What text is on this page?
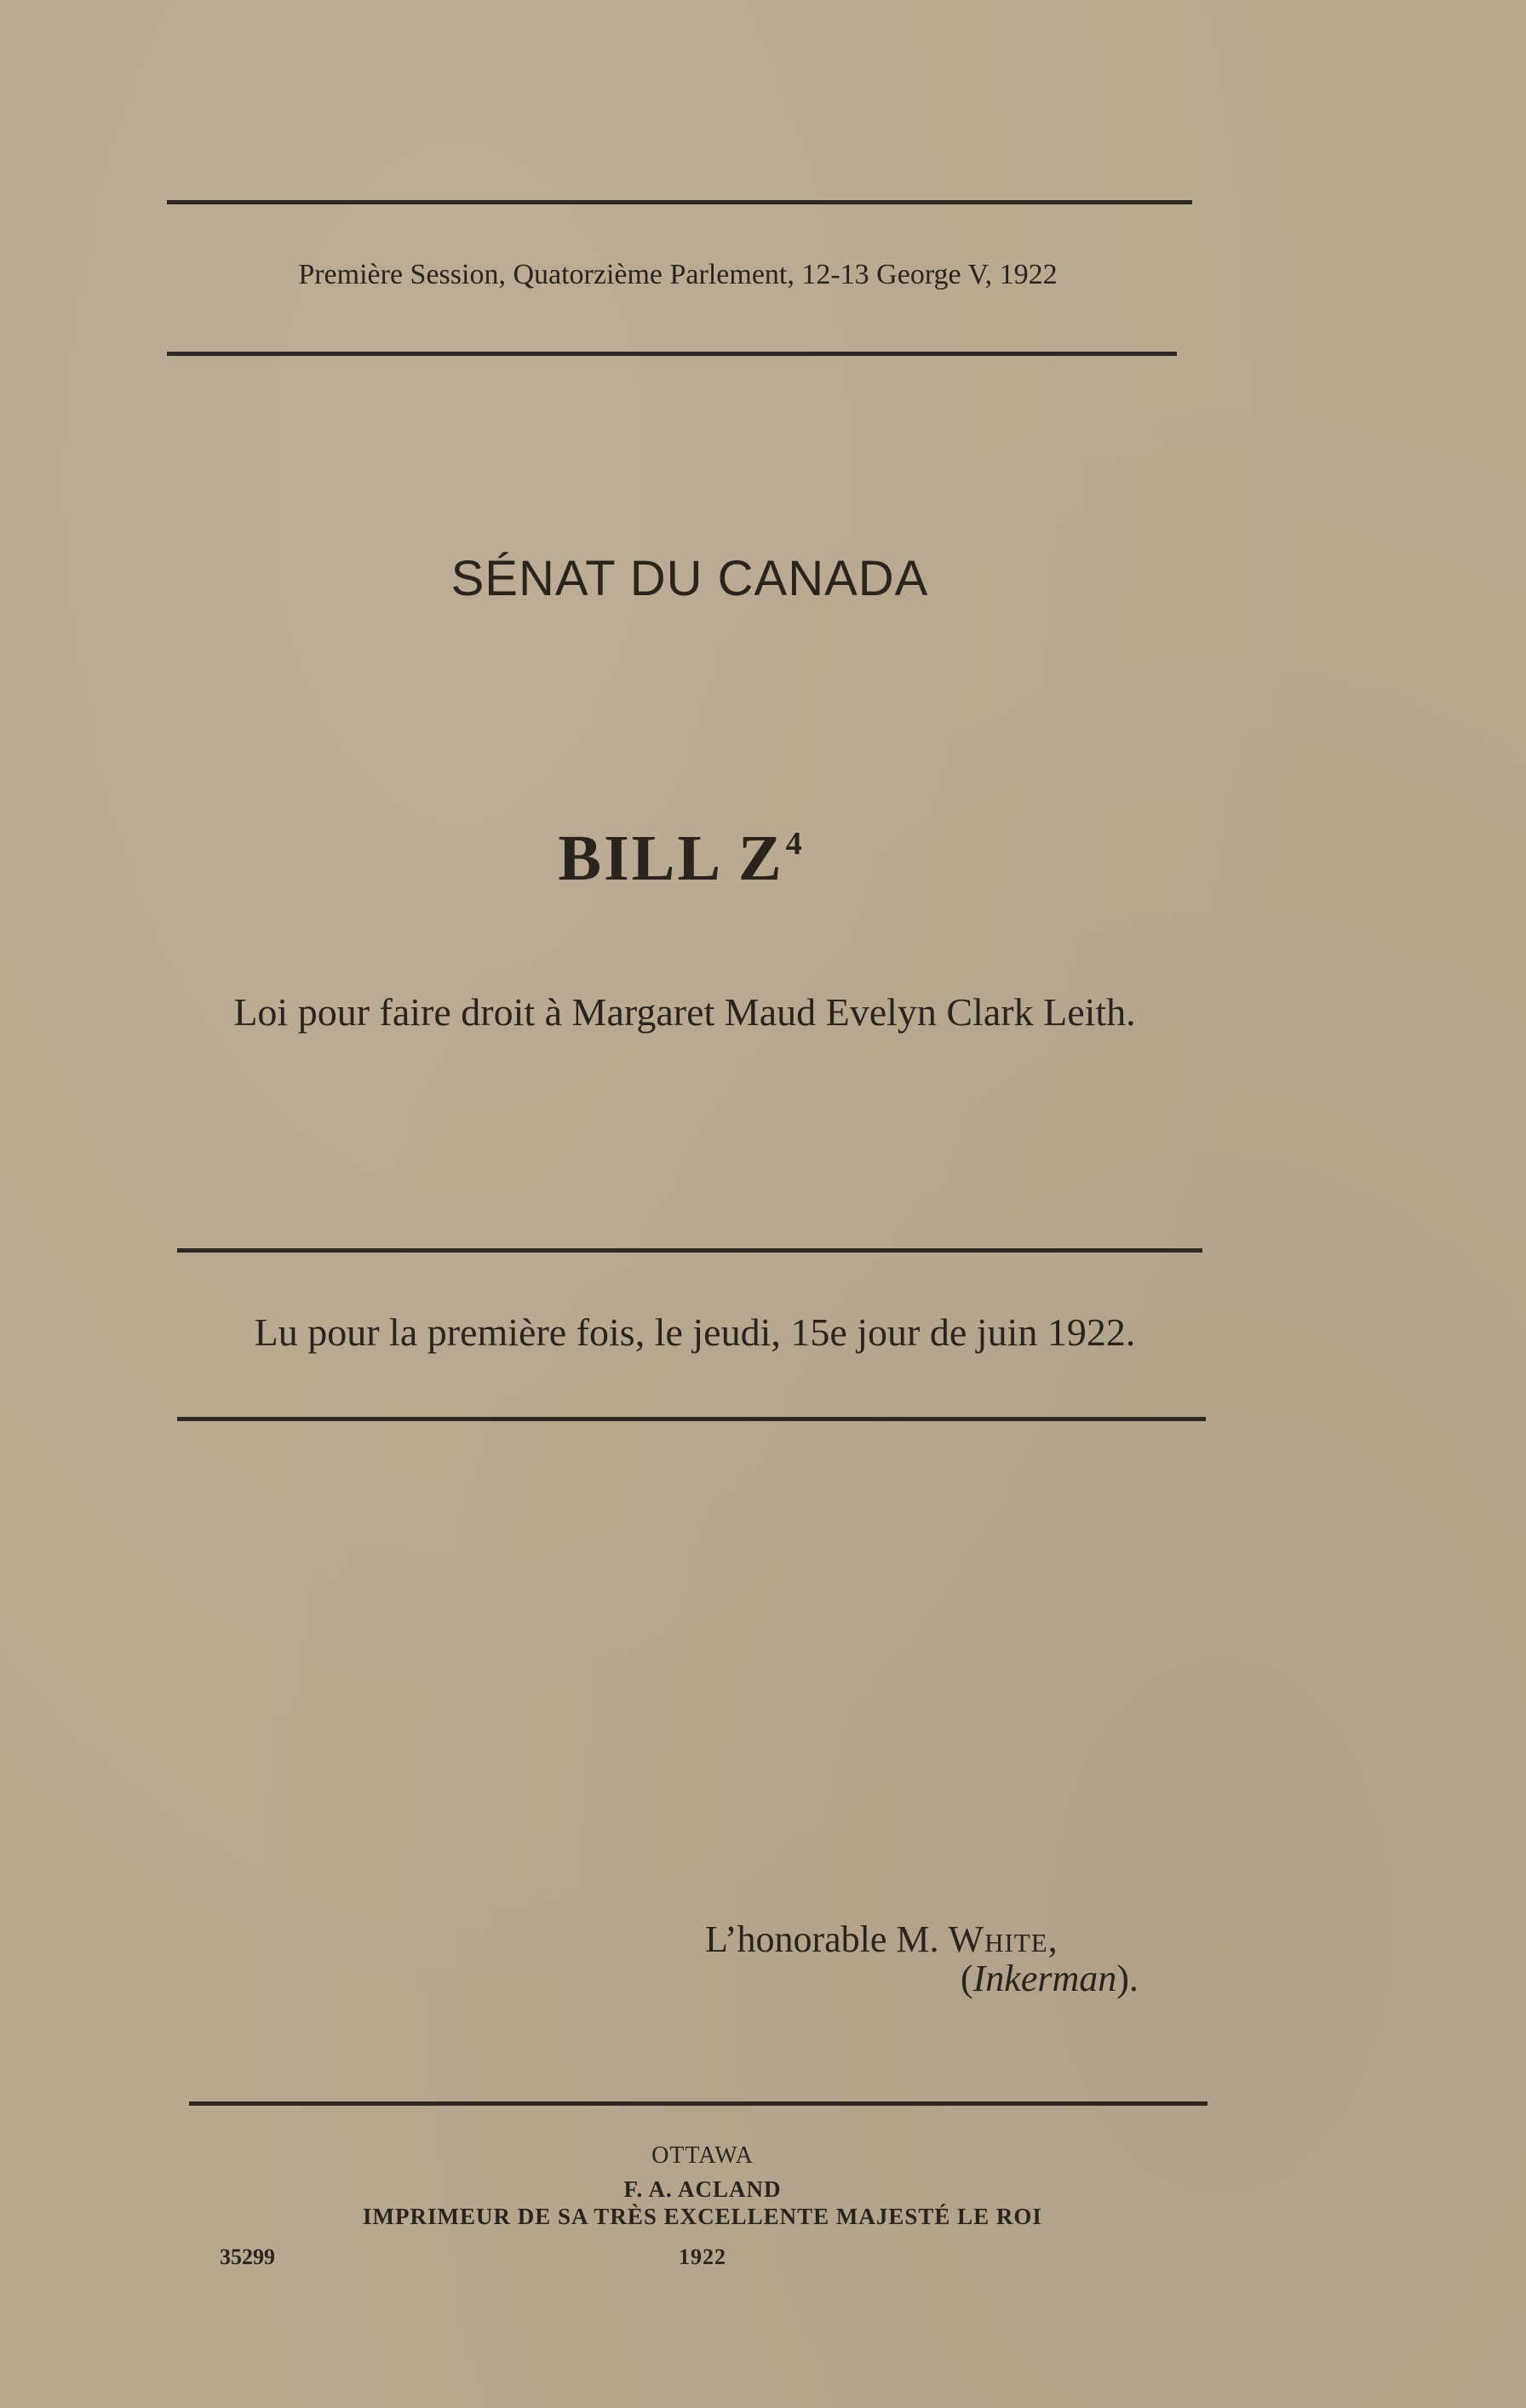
Première Session, Quatorzième Parlement, 12-13 George V, 1922
SÉNAT DU CANADA
BILL $Z^4$
Loi pour faire droit à Margaret Maud Evelyn Clark Leith.
Lu pour la première fois, le jeudi, 15e jour de juin 1922.
L’honorable M. White,
(Inkerman).
OTTAWA
F. A. ACLAND
IMPRIMEUR DE SA TRÈS EXCELLENTE MAJESTÉ LE ROI
1922
35299
